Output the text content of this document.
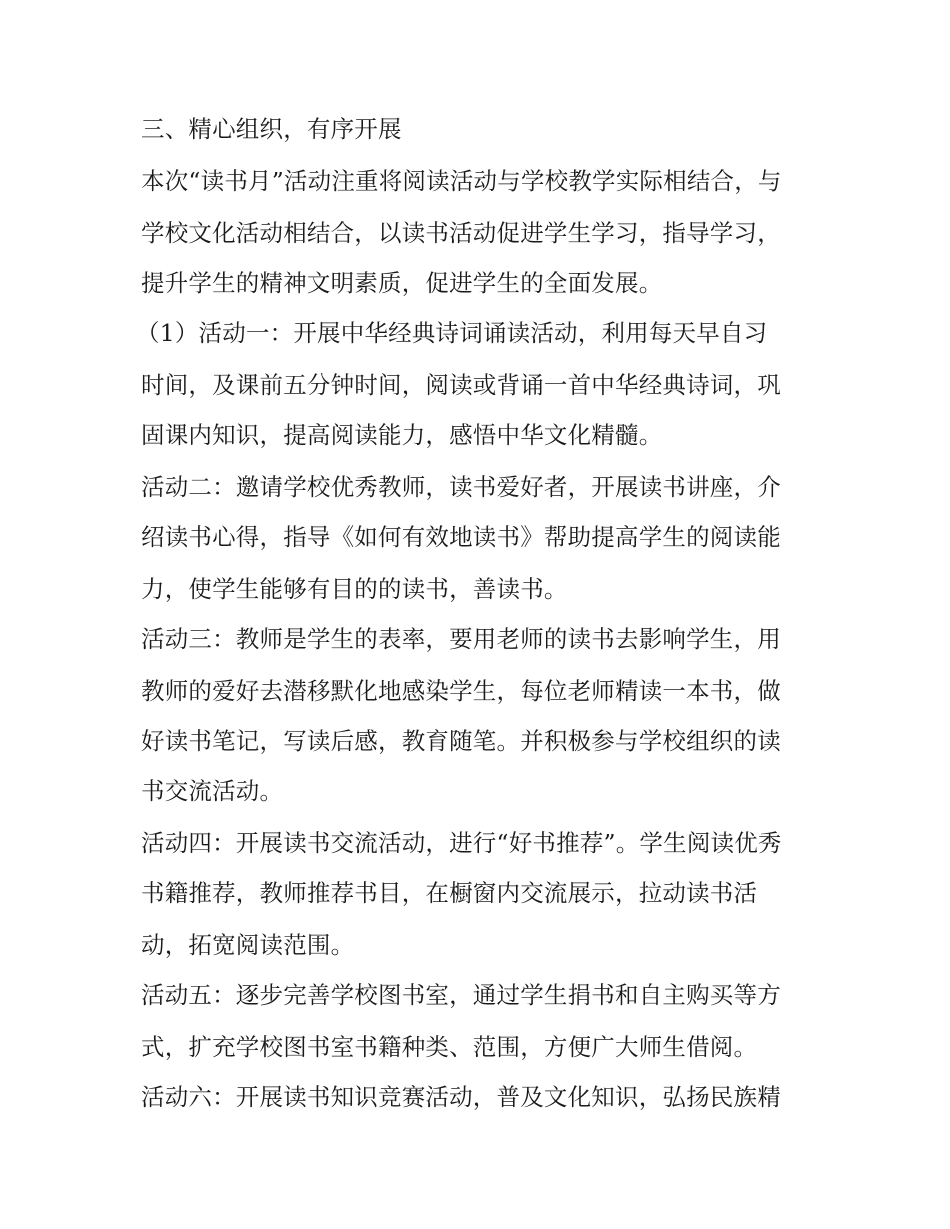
三、精心组织，有序开展
本次“读书月”活动注重将阅读活动与学校教学实际相结合，与
学校文化活动相结合，以读书活动促进学生学习，指导学习，
提升学生的精神文明素质，促进学生的全面发展。
（1）活动一：开展中华经典诗词诵读活动，利用每天早自习
时间，及课前五分钟时间，阅读或背诵一首中华经典诗词，巩
固课内知识，提高阅读能力，感悟中华文化精髓。
活动二：邀请学校优秀教师，读书爱好者，开展读书讲座，介
绍读书心得，指导《如何有效地读书》帮助提高学生的阅读能
力，使学生能够有目的的读书，善读书。
活动三：教师是学生的表率，要用老师的读书去影响学生，用
教师的爱好去潜移默化地感染学生，每位老师精读一本书，做
好读书笔记，写读后感，教育随笔。并积极参与学校组织的读
书交流活动。
活动四：开展读书交流活动，进行“好书推荐”。学生阅读优秀
书籍推荐，教师推荐书目，在橱窗内交流展示，拉动读书活
动，拓宽阅读范围。
活动五：逐步完善学校图书室，通过学生捐书和自主购买等方
式，扩充学校图书室书籍种类、范围，方便广大师生借阅。
活动六：开展读书知识竞赛活动，普及文化知识，弘扬民族精
